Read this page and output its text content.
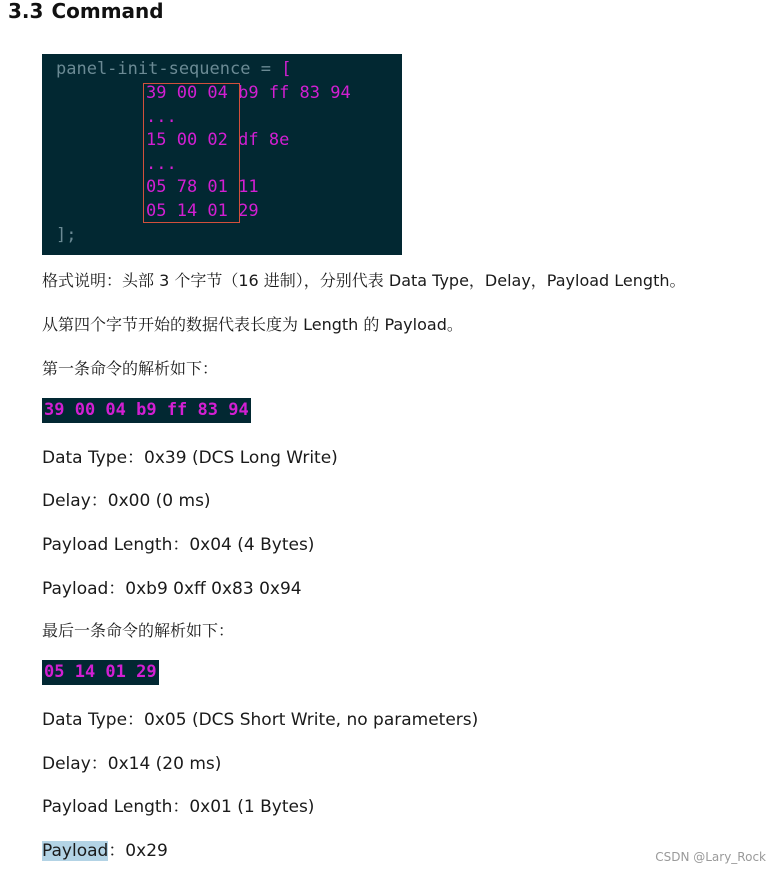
3.3 Command
panel-init-sequence = [
39 00 04 b9 ff 83 94
...
15 00 02 df 8e
...
05 78 01 11
05 14 01 29
];
格式说明：头部 3 个字节（16 进制），分别代表 Data Type，Delay，Payload Length。
从第四个字节开始的数据代表长度为 Length 的 Payload。
第一条命令的解析如下：
39 00 04 b9 ff 83 94
Data Type：0x39 (DCS Long Write)
Delay：0x00 (0 ms)
Payload Length：0x04 (4 Bytes)
Payload：0xb9 0xff 0x83 0x94
最后一条命令的解析如下：
05 14 01 29
Data Type：0x05 (DCS Short Write, no parameters)
Delay：0x14 (20 ms)
Payload Length：0x01 (1 Bytes)
Payload：0x29	CSDN @Lary_Rock
